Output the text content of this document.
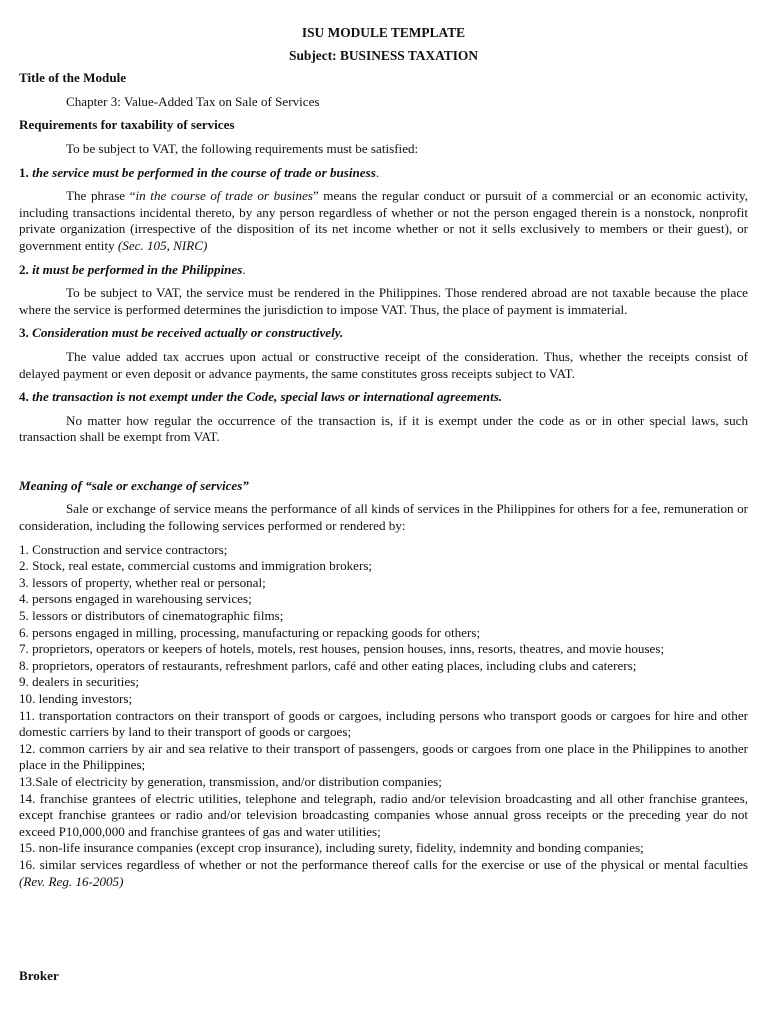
ISU MODULE TEMPLATE

Subject: BUSINESS TAXATION

Title of the Module

Chapter 3: Value-Added Tax on Sale of Services

Requirements for taxability of services

To be subject to VAT, the following requirements must be satisfied:

1. the service must be performed in the course of trade or business.

The phrase “in the course of trade or busines” means the regular conduct or pursuit of a commercial or an economic activity, including transactions incidental thereto, by any person regardless of whether or not the person engaged therein is a nonstock, nonprofit private organization (irrespective of the disposition of its net income whether or not it sells exclusively to members or their guest), or government entity (Sec. 105, NIRC)

2. it must be performed in the Philippines.

To be subject to VAT, the service must be rendered in the Philippines. Those rendered abroad are not taxable because the place where the service is performed determines the jurisdiction to impose VAT. Thus, the place of payment is immaterial.

3. Consideration must be received actually or constructively.

The value added tax accrues upon actual or constructive receipt of the consideration. Thus, whether the receipts consist of delayed payment or even deposit or advance payments, the same constitutes gross receipts subject to VAT.

4. the transaction is not exempt under the Code, special laws or international agreements.

No matter how regular the occurrence of the transaction is, if it is exempt under the code as or in other special laws, such transaction shall be exempt from VAT.

Meaning of “sale or exchange of services”

Sale or exchange of service means the performance of all kinds of services in the Philippines for others for a fee, remuneration or consideration, including the following services performed or rendered by:

1. Construction and service contractors;
2. Stock, real estate, commercial customs and immigration brokers;
3. lessors of property, whether real or personal;
4. persons engaged in warehousing services;
5. lessors or distributors of cinematographic films;
6. persons engaged in milling, processing, manufacturing or repacking goods for others;
7. proprietors, operators or keepers of hotels, motels, rest houses, pension houses, inns, resorts, theatres, and movie houses;
8. proprietors, operators of restaurants, refreshment parlors, café and other eating places, including clubs and caterers;
9. dealers in securities;
10. lending investors;
11. transportation contractors on their transport of goods or cargoes, including persons who transport goods or cargoes for hire and other domestic carriers by land to their transport of goods or cargoes;
12. common carriers by air and sea relative to their transport of passengers, goods or cargoes from one place in the Philippines to another place in the Philippines;
13.Sale of electricity by generation, transmission, and/or distribution companies;
14. franchise grantees of electric utilities, telephone and telegraph, radio and/or television broadcasting and all other franchise grantees, except franchise grantees or radio and/or television broadcasting companies whose annual gross receipts or the preceding year do not exceed P10,000,000 and franchise grantees of gas and water utilities;
15. non-life insurance companies (except crop insurance), including surety, fidelity, indemnity and bonding companies;
16. similar services regardless of whether or not the performance thereof calls for the exercise or use of the physical or mental faculties (Rev. Reg. 16-2005)

Broker
